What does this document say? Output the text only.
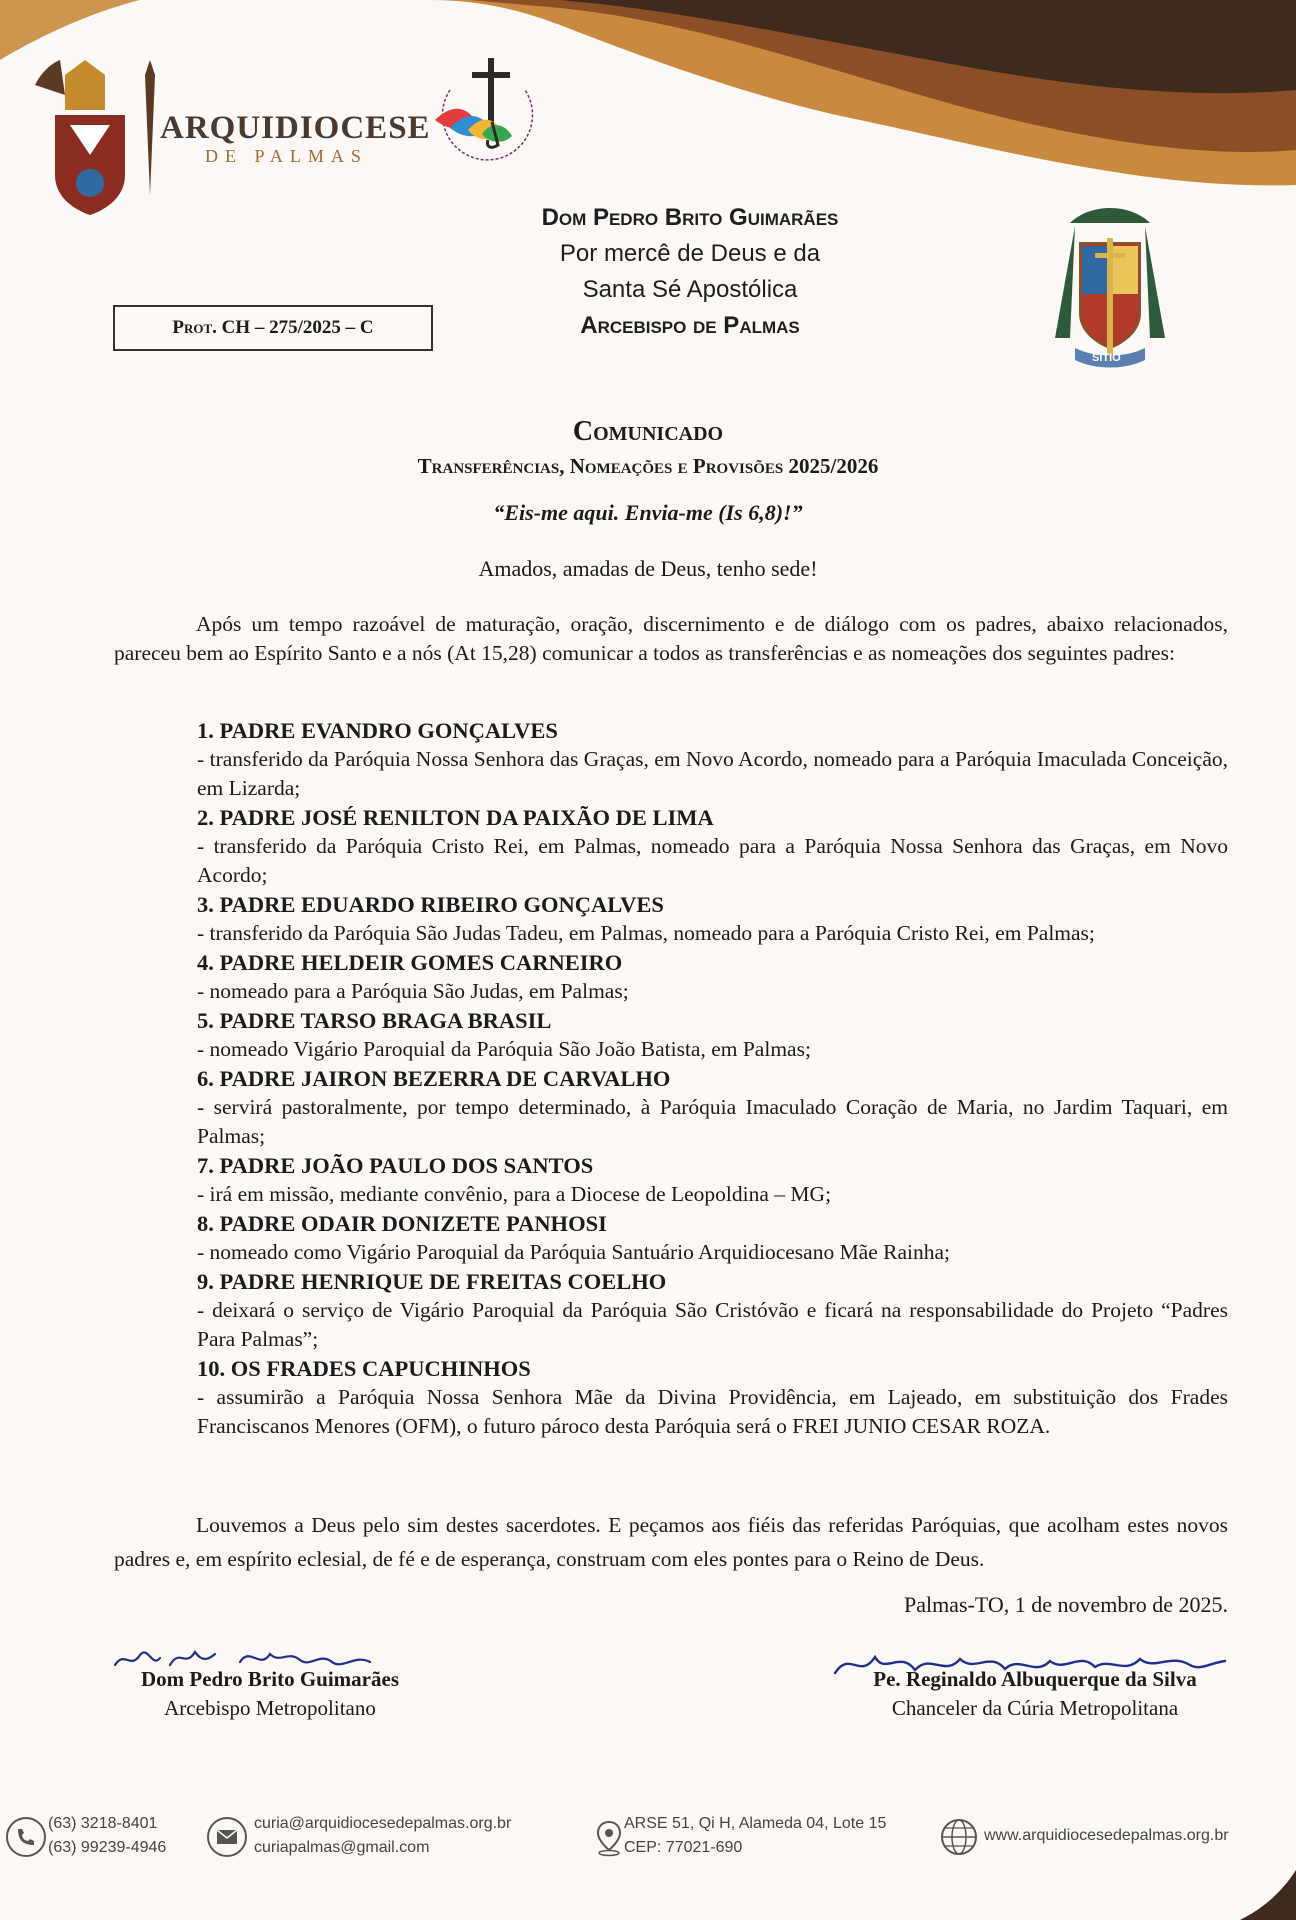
ARQUIDIOCESE
DE PALMAS
Dom Pedro Brito Guimarães
Por mercê de Deus e da
Santa Sé Apostólica
Arcebispo de Palmas
Prot. CH – 275/2025 – C
SITIO
Comunicado
Transferências, Nomeações e Provisões 2025/2026
“Eis-me aqui. Envia-me (Is 6,8)!”
Amados, amadas de Deus, tenho sede!
Após um tempo razoável de maturação, oração, discernimento e de diálogo com os padres, abaixo relacionados, pareceu bem ao Espírito Santo e a nós (At 15,28) comunicar a todos as transferências e as nomeações dos seguintes padres:
1. PADRE EVANDRO GONÇALVES
- transferido da Paróquia Nossa Senhora das Graças, em Novo Acordo, nomeado para a Paróquia Imaculada Conceição, em Lizarda;
2. PADRE JOSÉ RENILTON DA PAIXÃO DE LIMA
- transferido da Paróquia Cristo Rei, em Palmas, nomeado para a Paróquia Nossa Senhora das Graças, em Novo Acordo;
3. PADRE EDUARDO RIBEIRO GONÇALVES
- transferido da Paróquia São Judas Tadeu, em Palmas, nomeado para a Paróquia Cristo Rei, em Palmas;
4. PADRE HELDEIR GOMES CARNEIRO
- nomeado para a Paróquia São Judas, em Palmas;
5. PADRE TARSO BRAGA BRASIL
- nomeado Vigário Paroquial da Paróquia São João Batista, em Palmas;
6. PADRE JAIRON BEZERRA DE CARVALHO
- servirá pastoralmente, por tempo determinado, à Paróquia Imaculado Coração de Maria, no Jardim Taquari, em Palmas;
7. PADRE JOÃO PAULO DOS SANTOS
- irá em missão, mediante convênio, para a Diocese de Leopoldina – MG;
8. PADRE ODAIR DONIZETE PANHOSI
- nomeado como Vigário Paroquial da Paróquia Santuário Arquidiocesano Mãe Rainha;
9. PADRE HENRIQUE DE FREITAS COELHO
- deixará o serviço de Vigário Paroquial da Paróquia São Cristóvão e ficará na responsabilidade do Projeto “Padres Para Palmas”;
10. OS FRADES CAPUCHINHOS
- assumirão a Paróquia Nossa Senhora Mãe da Divina Providência, em Lajeado, em substituição dos Frades Franciscanos Menores (OFM), o futuro pároco desta Paróquia será o FREI JUNIO CESAR ROZA.
Louvemos a Deus pelo sim destes sacerdotes. E peçamos aos fiéis das referidas Paróquias, que acolham estes novos padres e, em espírito eclesial, de fé e de esperança, construam com eles pontes para o Reino de Deus.
Palmas-TO, 1 de novembro de 2025.
Dom Pedro Brito Guimarães
Arcebispo Metropolitano
Pe. Reginaldo Albuquerque da Silva
Chanceler da Cúria Metropolitana
(63) 3218-8401
(63) 99239-4946
curia@arquidiocesedepalmas.org.br
curiapalmas@gmail.com
ARSE 51, Qi H, Alameda 04, Lote 15
CEP: 77021-690
www.arquidiocesedepalmas.org.br
